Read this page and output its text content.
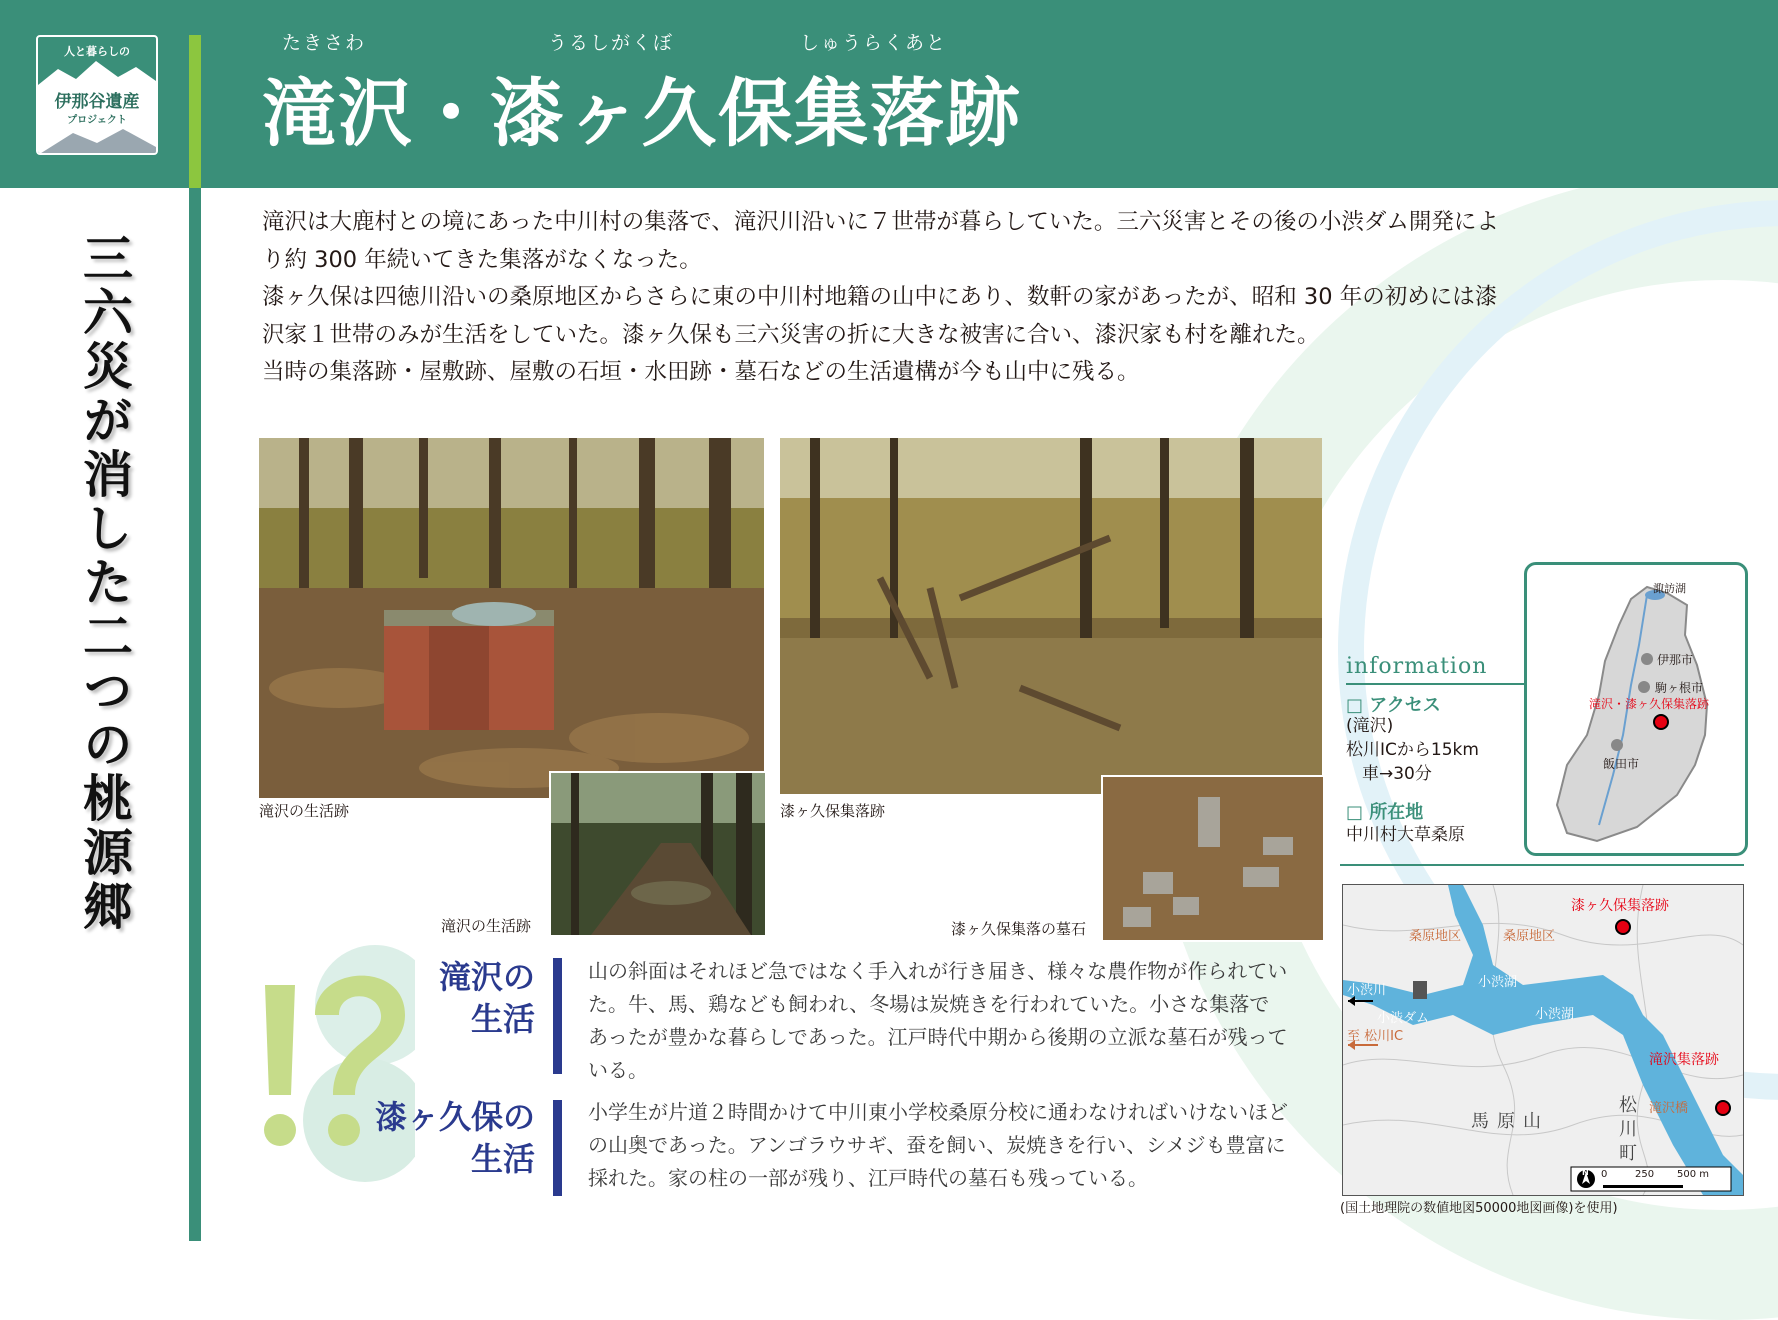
人と暮らしの
伊那谷遺産
プロジェクト
たきさわ	うるしがくぼ	しゅうらくあと
滝沢・漆ヶ久保集落跡
三六災が消した二つの桃源郷

滝沢は大鹿村との境にあった中川村の集落で、滝沢川沿いに７世帯が暮らしていた。三六災害とその後の小渋ダム開発により約 300 年続いてきた集落がなくなった。

漆ヶ久保は四徳川沿いの桑原地区からさらに東の中川村地籍の山中にあり、数軒の家があったが、昭和 30 年の初めには漆沢家１世帯のみが生活をしていた。漆ヶ久保も三六災害の折に大きな被害に合い、漆沢家も村を離れた。

当時の集落跡・屋敷跡、屋敷の石垣・水田跡・墓石などの生活遺構が今も山中に残る。

滝沢の生活跡
滝沢の生活跡
漆ヶ久保集落跡
漆ヶ久保集落の墓石
滝沢の
生活
山の斜面はそれほど急ではなく手入れが行き届き、様々な農作物が作られていた。牛、馬、鶏なども飼われ、冬場は炭焼きを行われていた。小さな集落であったが豊かな暮らしであった。江戸時代中期から後期の立派な墓石が残っている。
漆ヶ久保の
生活
小学生が片道２時間かけて中川東小学校桑原分校に通わなければいけないほどの山奥であった。アンゴラウサギ、蚕を飼い、炭焼きを行い、シメジも豊富に採れた。家の柱の一部が残り、江戸時代の墓石も残っている。
information
□ アクセス
(滝沢)
松川ICから15km
車→30分
□ 所在地
中川村大草桑原
諏訪湖
伊那市
駒ヶ根市
滝沢・漆ヶ久保集落跡
飯田市
漆ヶ久保集落跡
桑原地区	桑原地区
小渋川
小渋湖
小渋湖
小渋ダム
至 松川IC
滝沢集落跡
滝沢橋
馬原山	松川町
0	250 500 m
N
(国土地理院の数値地図50000地図画像)を使用)
